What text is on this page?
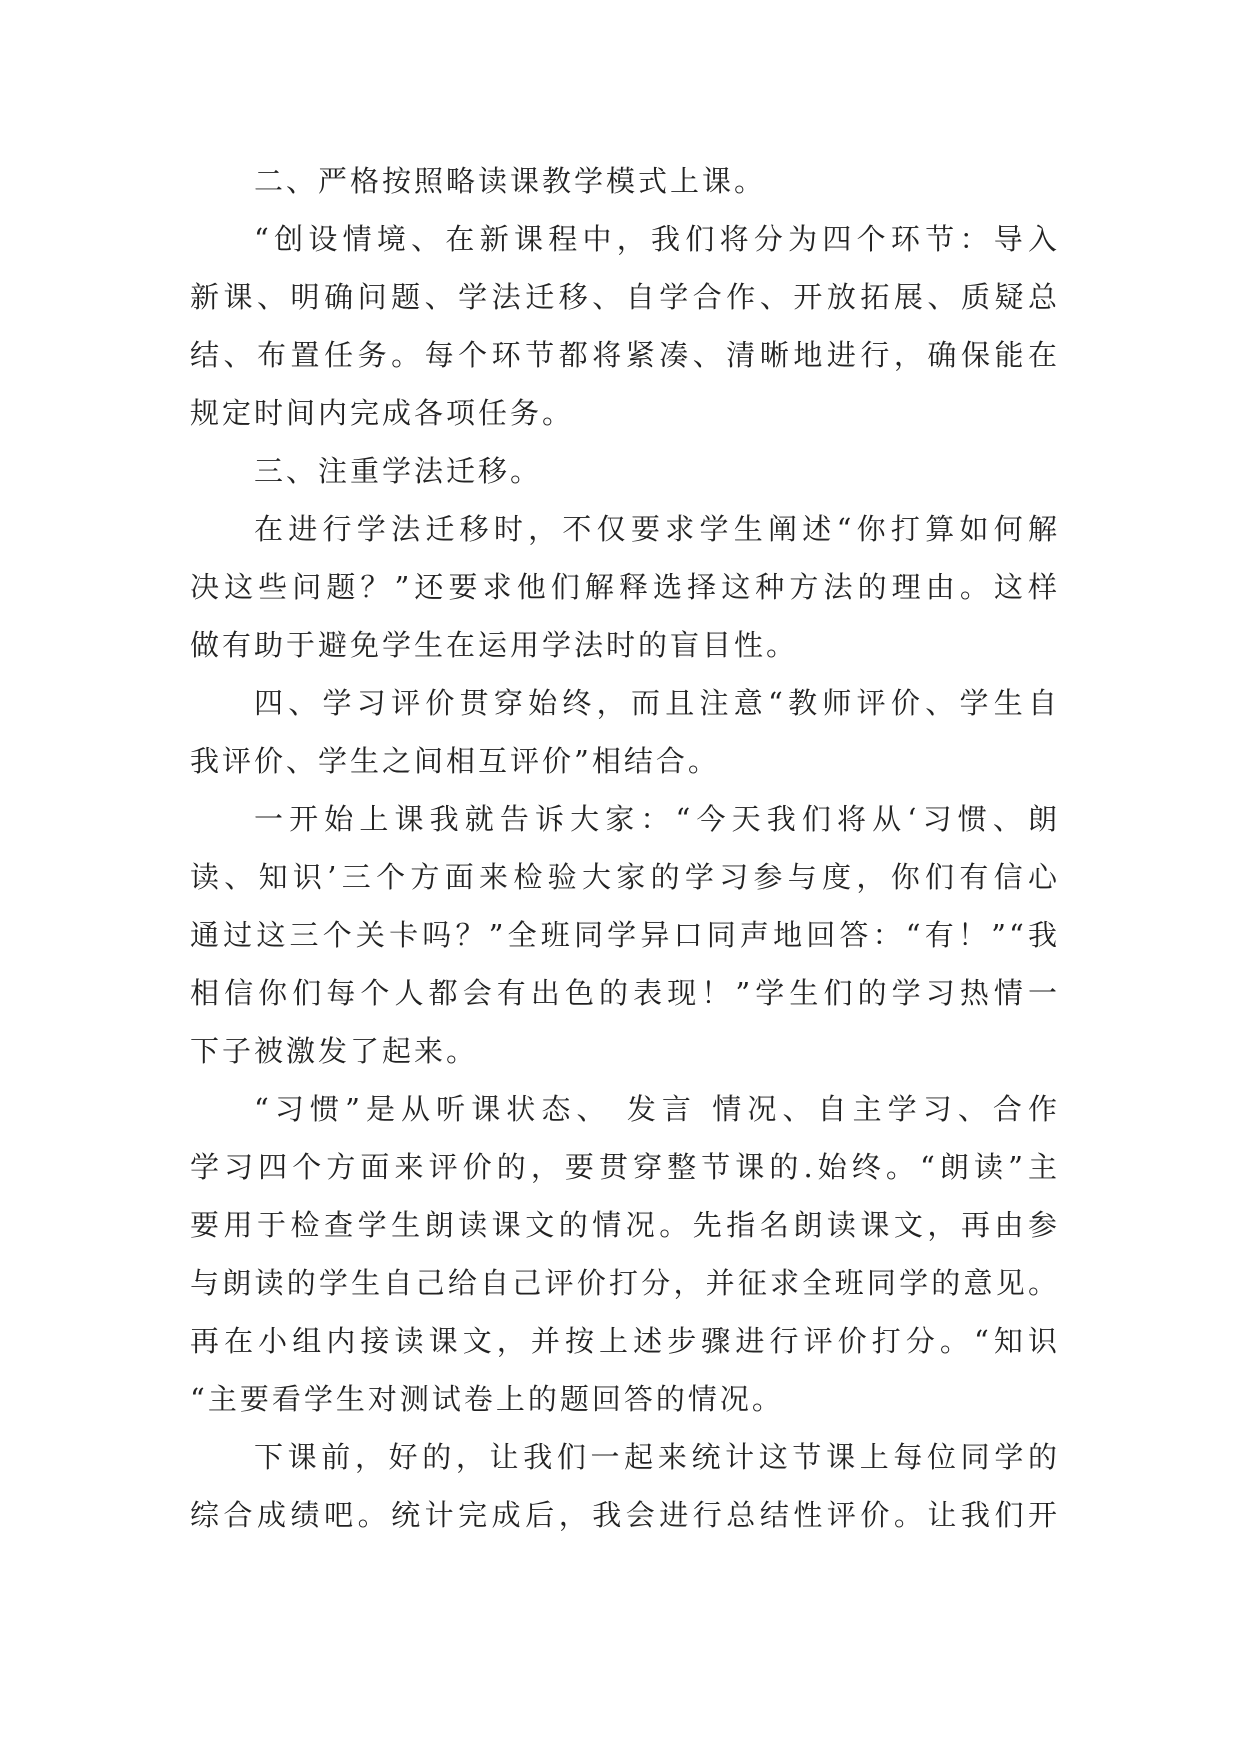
二、严格按照略读课教学模式上课。
“创设情境、在新课程中，我们将分为四个环节：导入
新课、明确问题、学法迁移、自学合作、开放拓展、质疑总
结、布置任务。每个环节都将紧凑、清晰地进行，确保能在
规定时间内完成各项任务。
三、注重学法迁移。
在进行学法迁移时，不仅要求学生阐述“你打算如何解
决这些问题？”还要求他们解释选择这种方法的理由。这样
做有助于避免学生在运用学法时的盲目性。
四、学习评价贯穿始终，而且注意“教师评价、学生自
我评价、学生之间相互评价”相结合。
一开始上课我就告诉大家：“今天我们将从‘习惯、朗
读、知识’三个方面来检验大家的学习参与度，你们有信心
通过这三个关卡吗？”全班同学异口同声地回答：“有！”“我
相信你们每个人都会有出色的表现！”学生们的学习热情一
下子被激发了起来。
“习惯”是从听课状态、 发言 情况、自主学习、合作
学习四个方面来评价的，要贯穿整节课的.始终。“朗读”主
要用于检查学生朗读课文的情况。先指名朗读课文，再由参
与朗读的学生自己给自己评价打分，并征求全班同学的意见。
再在小组内接读课文，并按上述步骤进行评价打分。“知识
“主要看学生对测试卷上的题回答的情况。
下课前，好的，让我们一起来统计这节课上每位同学的
综合成绩吧。统计完成后，我会进行总结性评价。让我们开
